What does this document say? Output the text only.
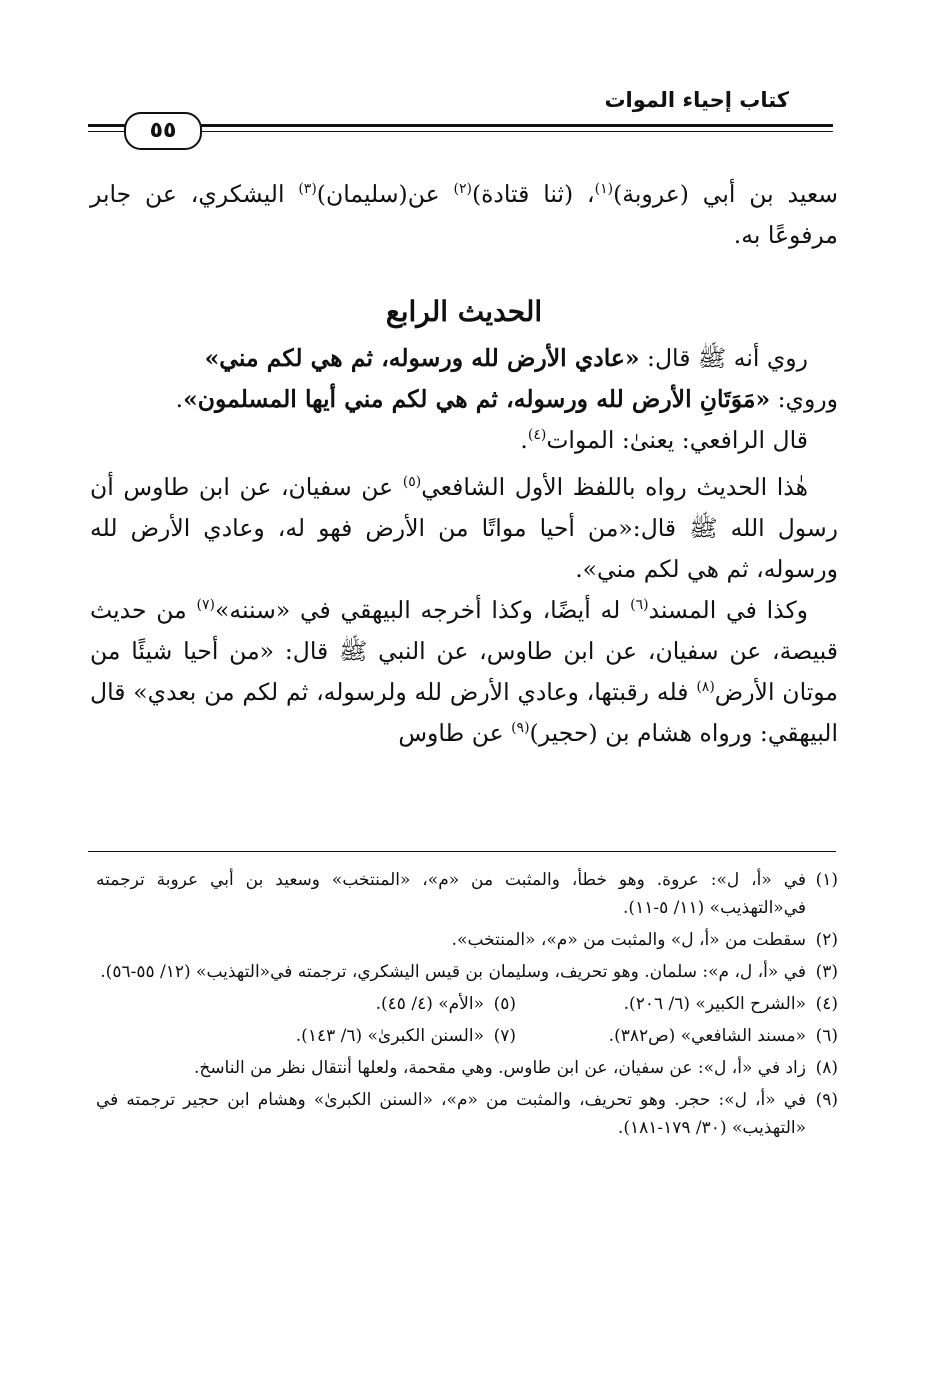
كتاب إحياء الموات
٥٥

سعيد بن أبي (عروبة)$^{(١)}$، (ثنا قتادة)$^{(٢)}$ عن(سليمان)$^{(٣)}$ اليشكري، عن جابر مرفوعًا به.

الحديث الرابع

روي أنه ﷺ قال: «عادي الأرض لله ورسوله، ثم هي لكم مني»

وروي: «مَوَتَانِ الأرض لله ورسوله، ثم هي لكم مني أيها المسلمون».

قال الرافعي: يعنىٰ: الموات$^{(٤)}$.

هٰذا الحديث رواه باللفظ الأول الشافعي$^{(٥)}$ عن سفيان، عن ابن طاوس أن رسول الله ﷺ قال:«من أحيا مواتًا من الأرض فهو له، وعادي الأرض لله ورسوله، ثم هي لكم مني».

وكذا في المسند$^{(٦)}$ له أيضًا، وكذا أخرجه البيهقي في «سننه»$^{(٧)}$ من حديث قبيصة، عن سفيان، عن ابن طاوس، عن النبي ﷺ قال: «من أحيا شيئًا من موتان الأرض$^{(٨)}$ فله رقبتها، وعادي الأرض لله ولرسوله، ثم لكم من بعدي» قال البيهقي: ورواه هشام بن (حجير)$^{(٩)}$ عن طاوس

(١)
في «أ، ل»: عروة. وهو خطأ، والمثبت من «م»، «المنتخب» وسعيد بن أبي عروبة ترجمته في«التهذيب» (١١/ ٥-١١).

(٢)
سقطت من «أ، ل» والمثبت من «م»، «المنتخب».

(٣)
في «أ، ل، م»: سلمان. وهو تحريف، وسليمان بن قيس اليشكري، ترجمته في«التهذيب» (١٢/ ٥٥-٥٦).

(٤)
«الشرح الكبير» (٦/ ٢٠٦).

(٥)
«الأم» (٤/ ٤٥).

(٦)
«مسند الشافعي» (ص٣٨٢).

(٧)
«السنن الكبرىٰ» (٦/ ١٤٣).

(٨)
زاد في «أ، ل»: عن سفيان، عن ابن طاوس. وهي مقحمة، ولعلها أنتقال نظر من الناسخ.

(٩)
في «أ، ل»: حجر. وهو تحريف، والمثبت من «م»، «السنن الكبرىٰ» وهشام ابن حجير ترجمته في «التهذيب» (٣٠/ ١٧٩-١٨١).
